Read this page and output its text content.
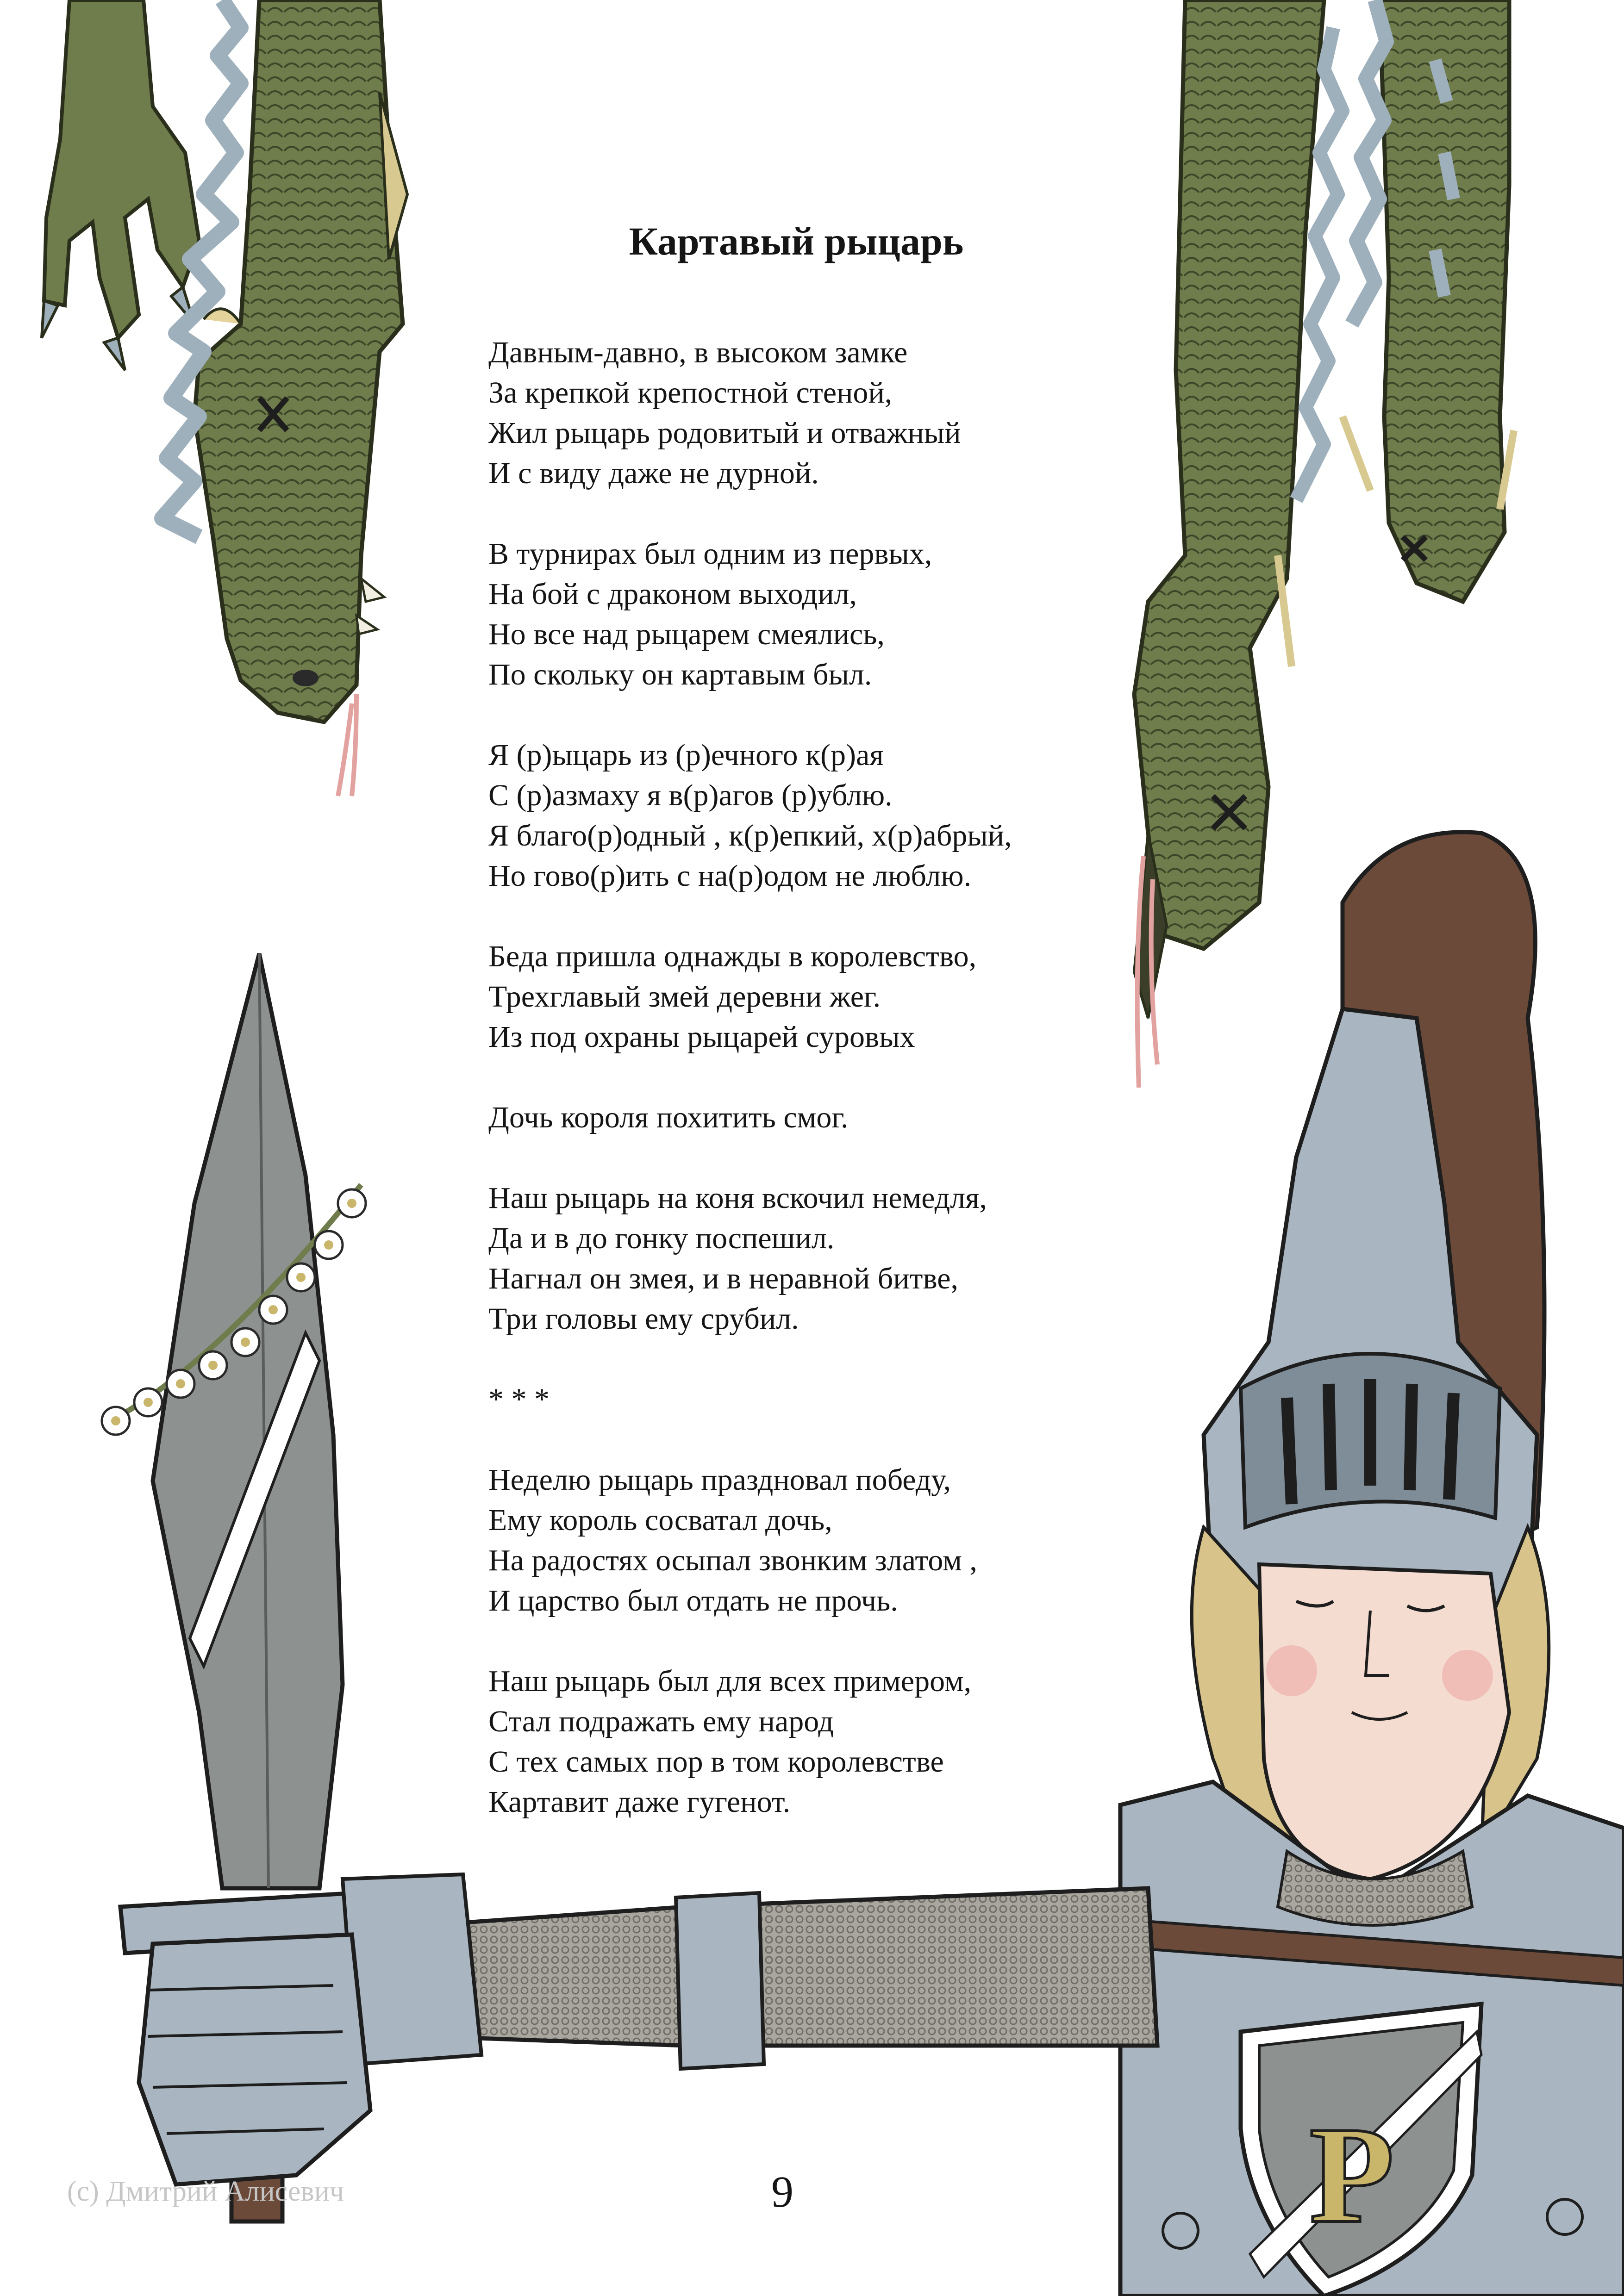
Р
Картавый рыцарь

Давным-давно, в высоком замке
За крепкой крепостной стеной,
Жил рыцарь родовитый и отважный
И с виду даже не дурной.

В турнирах был одним из первых,
На бой с драконом выходил,
Но все над рыцарем смеялись,
По скольку он картавым был.

Я (р)ыцарь из (р)ечного к(р)ая
С (р)азмаху я в(р)агов (р)ублю.
Я благо(р)одный , к(р)епкий, х(р)абрый,
Но гово(р)ить с на(р)одом не люблю.

Беда пришла однажды в королевство,
Трехглавый змей деревни жег.
Из под охраны рыцарей суровых

Дочь короля похитить смог.

Наш рыцарь на коня вскочил немедля,
Да и в до гонку поспешил.
Нагнал он змея, и в неравной битве,
Три головы ему срубил.

* * *

Неделю рыцарь праздновал победу,
Ему король сосватал дочь,
На радостях осыпал звонким златом ,
И царство был отдать не прочь.

Наш рыцарь был для всех примером,
Стал подражать ему народ
С тех самых пор в том королевстве
Картавит даже гугенот.

9
(c) Дмитрий Алисевич
